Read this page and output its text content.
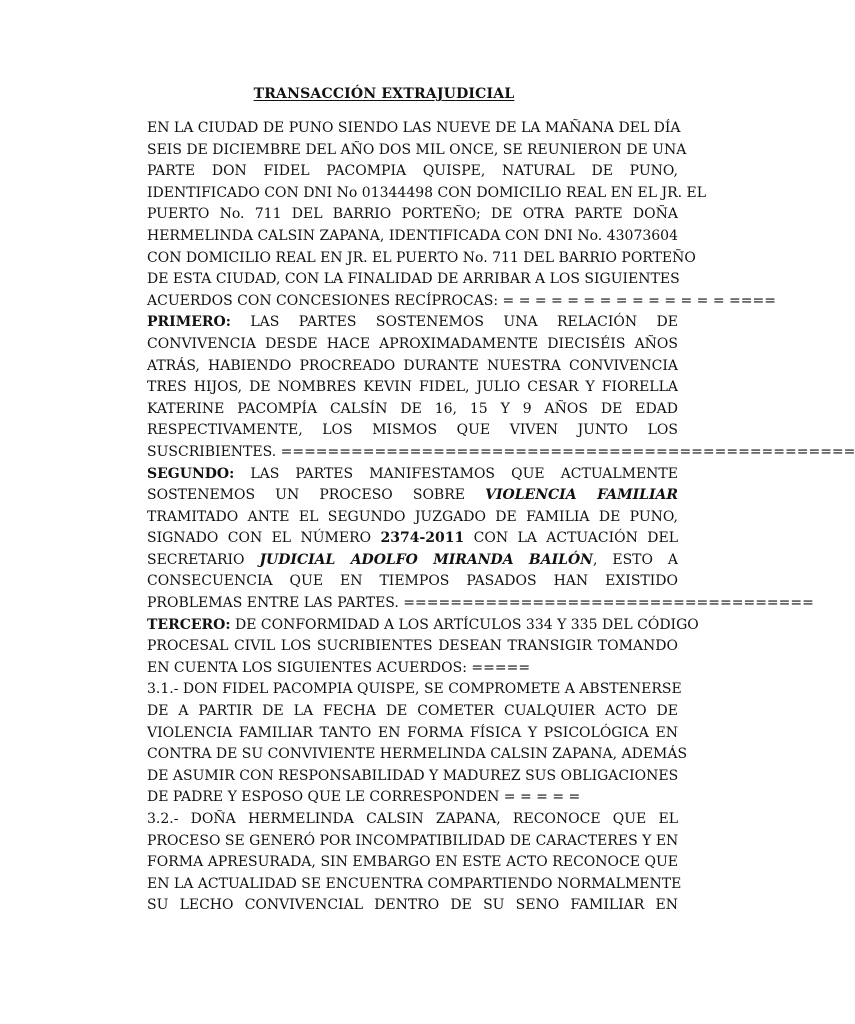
TRANSACCIÓN EXTRAJUDICIAL
EN LA CIUDAD DE PUNO SIENDO LAS NUEVE DE LA MAÑANA DEL DÍA
SEIS DE DICIEMBRE DEL AÑO DOS MIL ONCE, SE REUNIERON DE UNA
PARTE DON FIDEL PACOMPIA QUISPE, NATURAL DE PUNO,
IDENTIFICADO CON DNI No 01344498 CON DOMICILIO REAL EN EL JR. EL
PUERTO No. 711 DEL BARRIO PORTEÑO; DE OTRA PARTE DOÑA
HERMELINDA CALSIN ZAPANA, IDENTIFICADA CON DNI No. 43073604
CON DOMICILIO REAL EN JR. EL PUERTO No. 711 DEL BARRIO PORTEÑO
DE ESTA CIUDAD, CON LA FINALIDAD DE ARRIBAR A LOS SIGUIENTES
ACUERDOS CON CONCESIONES RECÍPROCAS: = = = = = = = = = = = = = = ====
PRIMERO: LAS PARTES SOSTENEMOS UNA RELACIÓN DE
CONVIVENCIA DESDE HACE APROXIMADAMENTE DIECISÉIS AÑOS
ATRÁS, HABIENDO PROCREADO DURANTE NUESTRA CONVIVENCIA
TRES HIJOS, DE NOMBRES KEVIN FIDEL, JULIO CESAR Y FIORELLA
KATERINE PACOMPÍA CALSÍN DE 16, 15 Y 9 AÑOS DE EDAD
RESPECTIVAMENTE, LOS MISMOS QUE VIVEN JUNTO LOS
SUSCRIBIENTES. =================================================
SEGUNDO: LAS PARTES MANIFESTAMOS QUE ACTUALMENTE
SOSTENEMOS UN PROCESO SOBRE VIOLENCIA FAMILIAR
TRAMITADO ANTE EL SEGUNDO JUZGADO DE FAMILIA DE PUNO,
SIGNADO CON EL NÚMERO 2374-2011 CON LA ACTUACIÓN DEL
SECRETARIO JUDICIAL ADOLFO MIRANDA BAILÓN, ESTO A
CONSECUENCIA QUE EN TIEMPOS PASADOS HAN EXISTIDO
PROBLEMAS ENTRE LAS PARTES. ===================================
TERCERO: DE CONFORMIDAD A LOS ARTÍCULOS 334 Y 335 DEL CÓDIGO
PROCESAL CIVIL LOS SUCRIBIENTES DESEAN TRANSIGIR TOMANDO
EN CUENTA LOS SIGUIENTES ACUERDOS: =====
3.1.- DON FIDEL PACOMPIA QUISPE, SE COMPROMETE A ABSTENERSE
DE A PARTIR DE LA FECHA DE COMETER CUALQUIER ACTO DE
VIOLENCIA FAMILIAR TANTO EN FORMA FÍSICA Y PSICOLÓGICA EN
CONTRA DE SU CONVIVIENTE HERMELINDA CALSIN ZAPANA, ADEMÁS
DE ASUMIR CON RESPONSABILIDAD Y MADUREZ SUS OBLIGACIONES
DE PADRE Y ESPOSO QUE LE CORRESPONDEN = = = = =
3.2.- DOÑA HERMELINDA CALSIN ZAPANA, RECONOCE QUE EL
PROCESO SE GENERÓ POR INCOMPATIBILIDAD DE CARACTERES Y EN
FORMA APRESURADA, SIN EMBARGO EN ESTE ACTO RECONOCE QUE
EN LA ACTUALIDAD SE ENCUENTRA COMPARTIENDO NORMALMENTE
SU LECHO CONVIVENCIAL DENTRO DE SU SENO FAMILIAR EN
